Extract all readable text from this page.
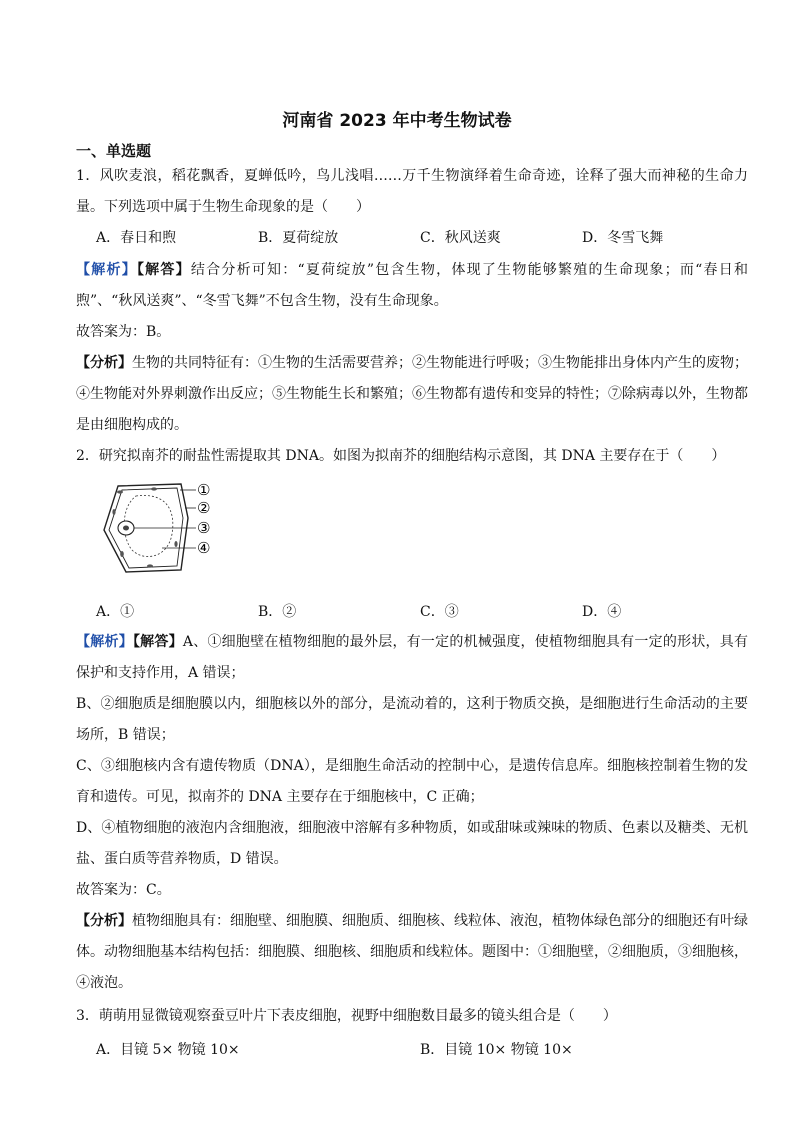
河南省 2023 年中考生物试卷
一、单选题

1．风吹麦浪，稻花飘香，夏蝉低吟，鸟儿浅唱……万千生物演绎着生命奇迹，诠释了强大而神秘的生命力量。下列选项中属于生物生命现象的是（　　）

A．春日和煦	B．夏荷绽放	C．秋风送爽	D．冬雪飞舞

【解析】【解答】结合分析可知：“夏荷绽放”包含生物，体现了生物能够繁殖的生命现象；而“春日和煦”、“秋风送爽”、“冬雪飞舞”不包含生物，没有生命现象。

故答案为：B。

【分析】生物的共同特征有：①生物的生活需要营养；②生物能进行呼吸；③生物能排出身体内产生的废物；④生物能对外界刺激作出反应；⑤生物能生长和繁殖；⑥生物都有遗传和变异的特性；⑦除病毒以外，生物都是由细胞构成的。

2．研究拟南芥的耐盐性需提取其 DNA。如图为拟南芥的细胞结构示意图，其 DNA 主要存在于（　　）

①
②
③
④
A．①	B．②	C．③	D．④

【解析】【解答】A、①细胞壁在植物细胞的最外层，有一定的机械强度，使植物细胞具有一定的形状，具有保护和支持作用，A 错误；

B、②细胞质是细胞膜以内，细胞核以外的部分，是流动着的，这利于物质交换，是细胞进行生命活动的主要场所，B 错误；

C、③细胞核内含有遗传物质（DNA），是细胞生命活动的控制中心，是遗传信息库。细胞核控制着生物的发育和遗传。可见，拟南芥的 DNA 主要存在于细胞核中，C 正确；

D、④植物细胞的液泡内含细胞液，细胞液中溶解有多种物质，如或甜味或辣味的物质、色素以及糖类、无机盐、蛋白质等营养物质，D 错误。

故答案为：C。

【分析】植物细胞具有：细胞壁、细胞膜、细胞质、细胞核、线粒体、液泡，植物体绿色部分的细胞还有叶绿体。动物细胞基本结构包括：细胞膜、细胞核、细胞质和线粒体。题图中：①细胞壁，②细胞质，③细胞核，④液泡。

3．萌萌用显微镜观察蚕豆叶片下表皮细胞，视野中细胞数目最多的镜头组合是（　　）

A．目镜 5× 物镜 10×	B．目镜 10× 物镜 10×
